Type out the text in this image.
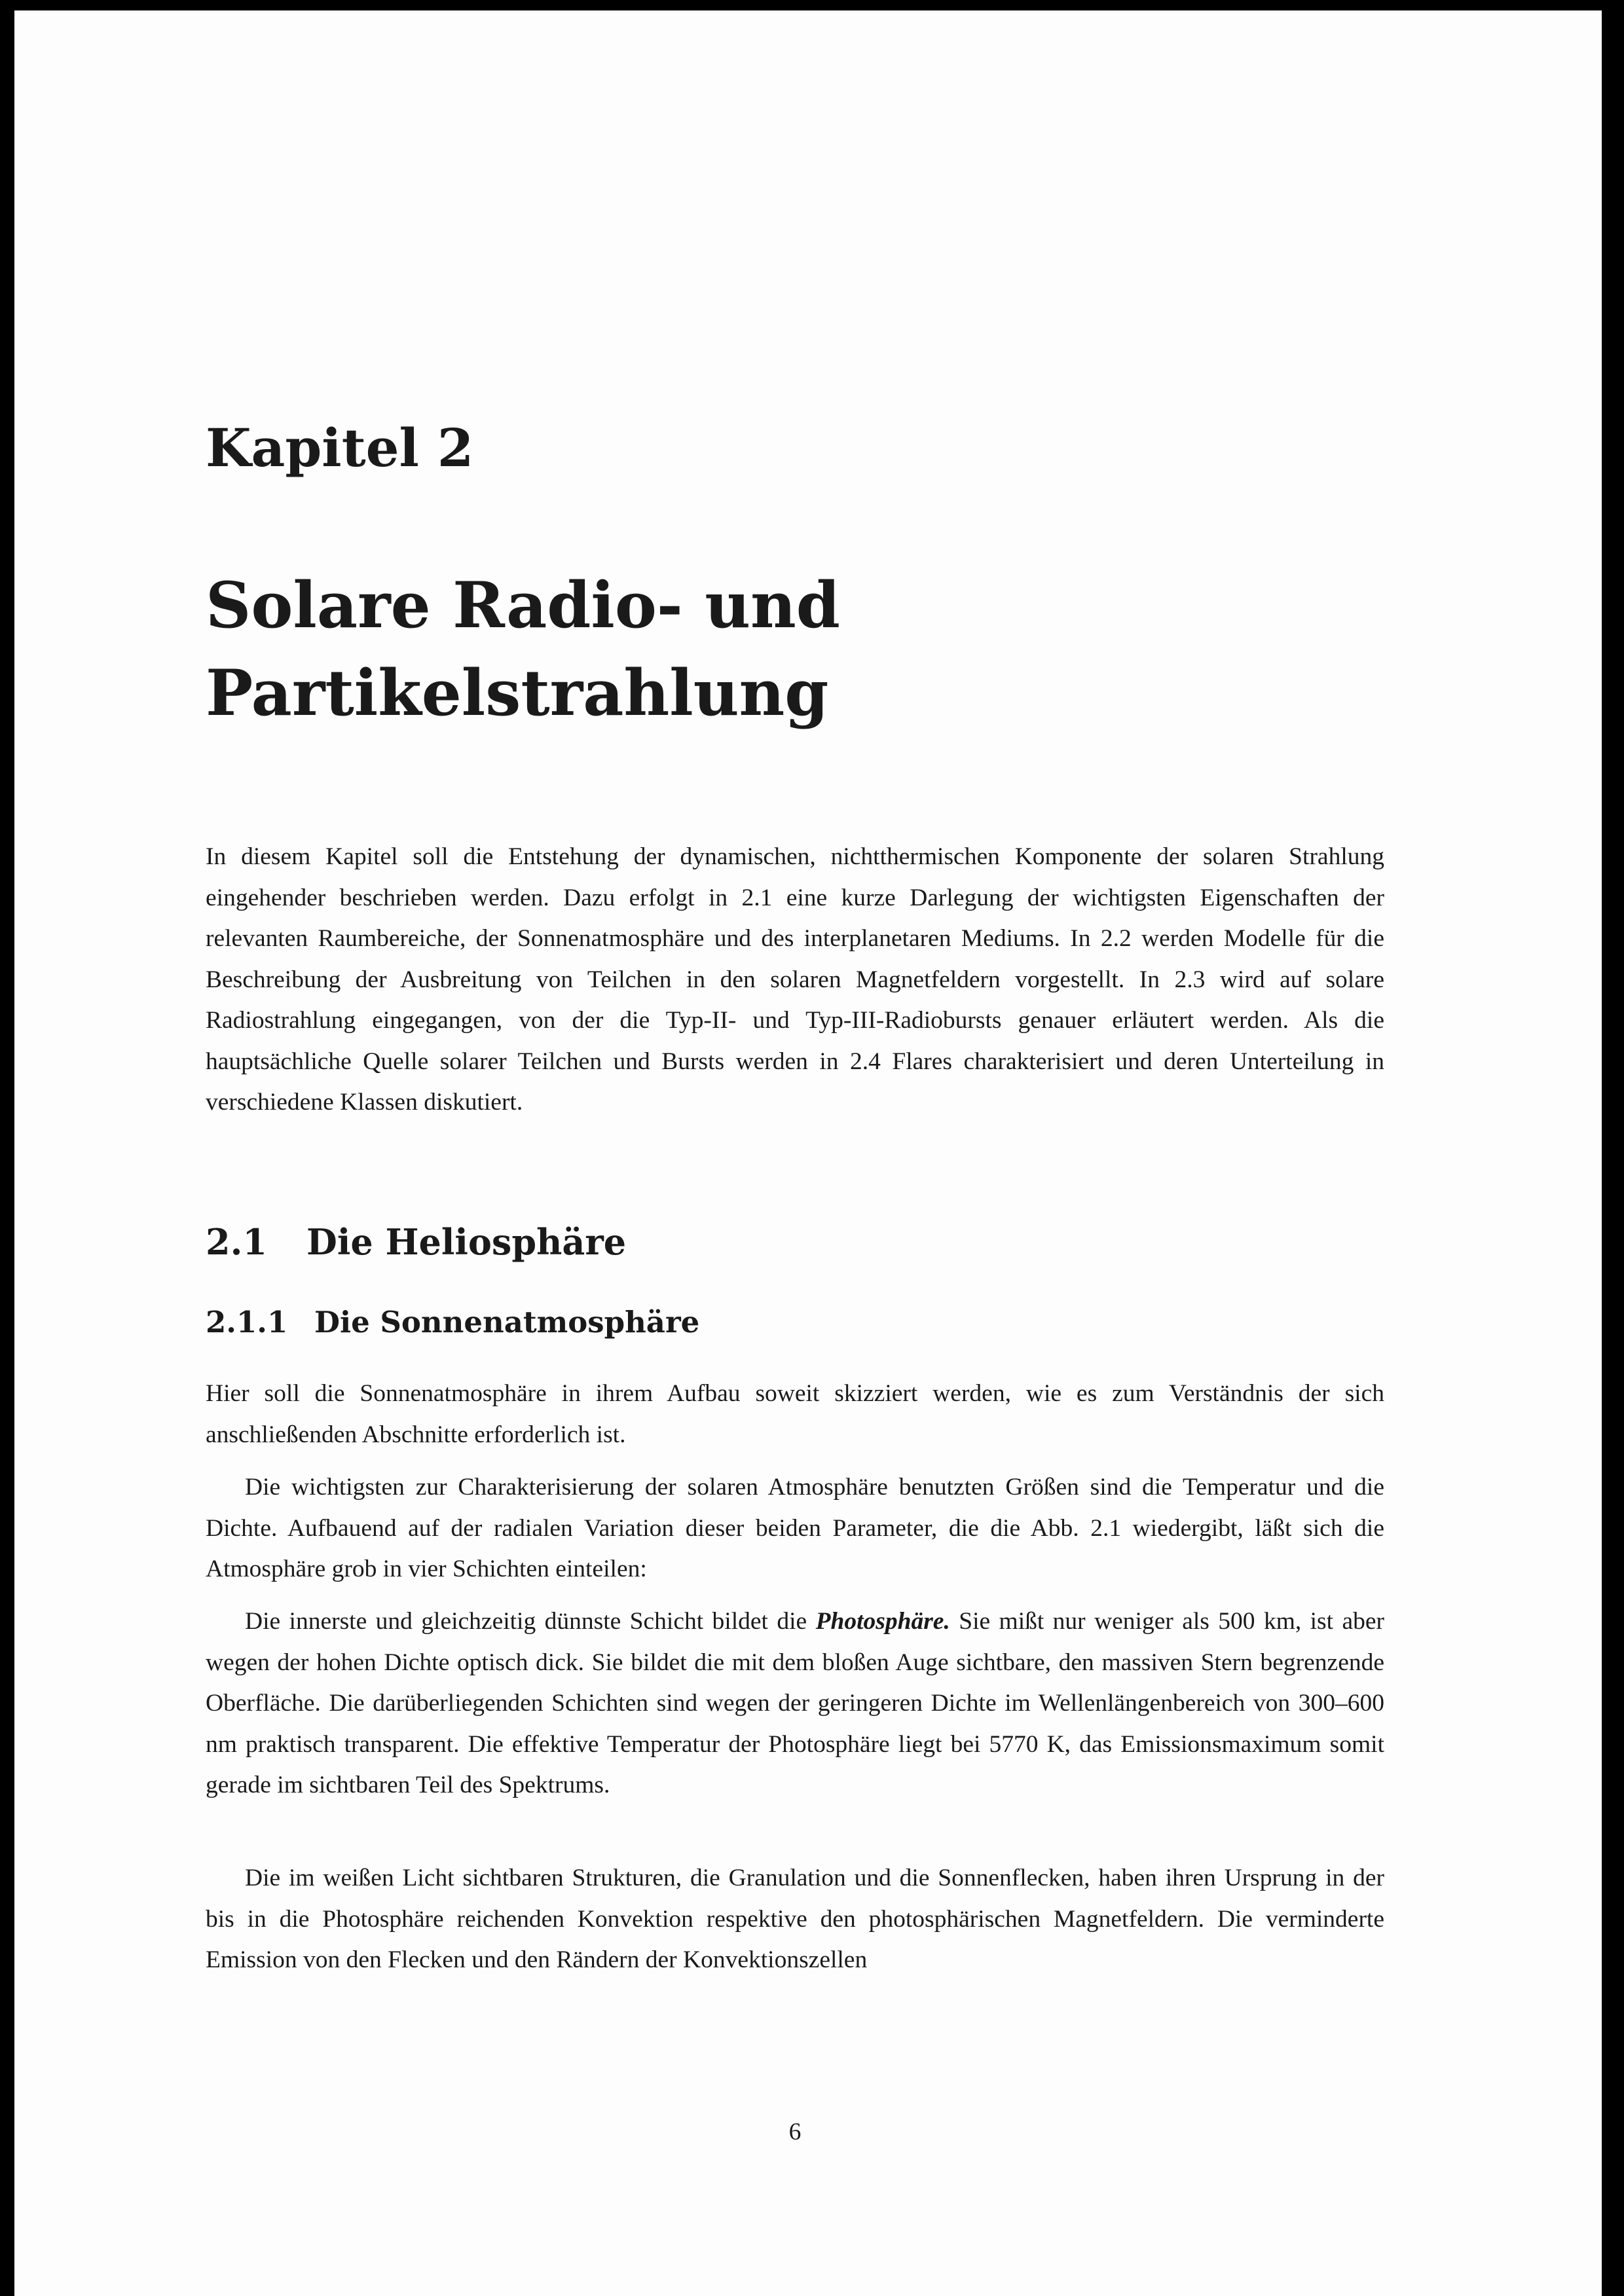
Kapitel 2
Solare Radio- und
Partikelstrahlung

In diesem Kapitel soll die Entstehung der dynamischen, nichtthermischen Komponente der solaren Strahlung eingehender beschrieben werden. Dazu erfolgt in 2.1 eine kurze Darlegung der wichtigsten Eigenschaften der relevanten Raumbereiche, der Sonnenatmosphäre und des interplanetaren Mediums. In 2.2 werden Modelle für die Beschreibung der Ausbreitung von Teilchen in den solaren Magnetfeldern vorgestellt. In 2.3 wird auf solare Radiostrahlung eingegangen, von der die Typ-II- und Typ-III-Radiobursts genauer erläutert werden. Als die hauptsächliche Quelle solarer Teilchen und Bursts werden in 2.4 Flares charakterisiert und deren Unterteilung in verschiedene Klassen diskutiert.

2.1 Die Heliosphäre
2.1.1 Die Sonnenatmosphäre

Hier soll die Sonnenatmosphäre in ihrem Aufbau soweit skizziert werden, wie es zum Verständnis der sich anschließenden Abschnitte erforderlich ist.

Die wichtigsten zur Charakterisierung der solaren Atmosphäre benutzten Größen sind die Temperatur und die Dichte. Aufbauend auf der radialen Variation dieser beiden Parameter, die die Abb. 2.1 wiedergibt, läßt sich die Atmosphäre grob in vier Schichten einteilen:

Die innerste und gleichzeitig dünnste Schicht bildet die Photosphäre. Sie mißt nur weniger als 500 km, ist aber wegen der hohen Dichte optisch dick. Sie bildet die mit dem bloßen Auge sichtbare, den massiven Stern begrenzende Oberfläche. Die darüberliegenden Schichten sind wegen der geringeren Dichte im Wellenlängenbereich von 300–600 nm praktisch transparent. Die effektive Temperatur der Photosphäre liegt bei 5770 K, das Emissionsmaximum somit gerade im sichtbaren Teil des Spektrums.

Die im weißen Licht sichtbaren Strukturen, die Granulation und die Sonnenflecken, haben ihren Ursprung in der bis in die Photosphäre reichenden Konvektion respektive den photosphärischen Magnetfeldern. Die verminderte Emission von den Flecken und den Rändern der Konvektionszellen

6
